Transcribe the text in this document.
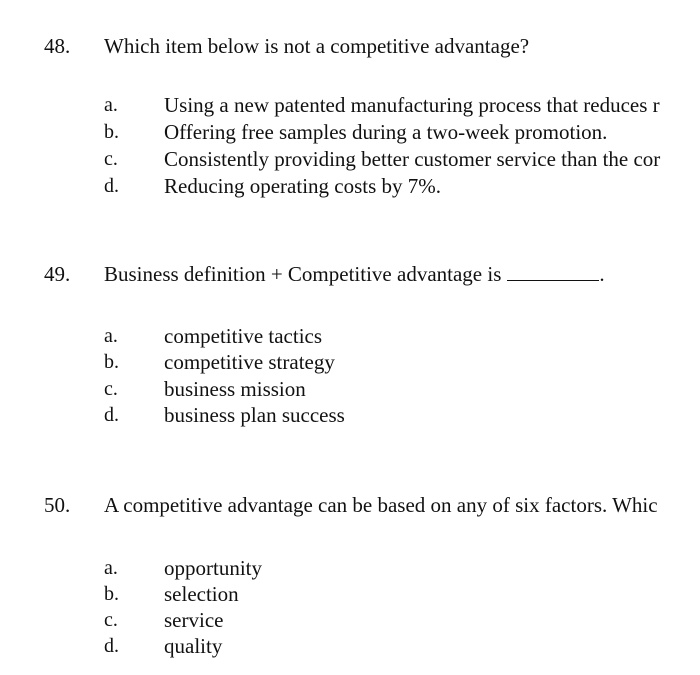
48. Which item below is not a competitive advantage?
a. Using a new patented manufacturing process that reduces r
b. Offering free samples during a two-week promotion.
c. Consistently providing better customer service than the cor
d. Reducing operating costs by 7%.
49. Business definition + Competitive advantage is	.
a. competitive tactics
b. competitive strategy
c. business mission
d. business plan success
50. A competitive advantage can be based on any of six factors. Whic
a. opportunity
b. selection
c. service
d. quality
